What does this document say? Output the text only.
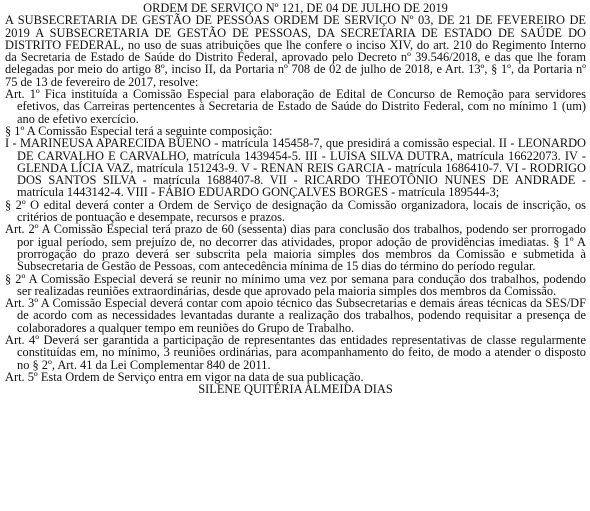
ORDEM DE SERVIÇO Nº 121, DE 04 DE JULHO DE 2019

A SUBSECRETARIA DE GESTÃO DE PESSOAS ORDEM DE SERVIÇO Nº 03, DE 21 DE FEVEREIRO DE 2019 A SUBSECRETARIA DE GESTÃO DE PESSOAS, DA SECRETARIA DE ESTADO DE SAÚDE DO DISTRITO FEDERAL, no uso de suas atribuições que lhe confere o inciso XIV, do art. 210 do Regimento Interno da Secretaria de Estado de Saúde do Distrito Federal, aprovado pelo Decreto nº 39.546/2018, e das que lhe foram delegadas por meio do artigo 8º, inciso II, da Portaria nº 708 de 02 de julho de 2018, e Art. 13º, § 1º, da Portaria nº 75 de 13 de fevereiro de 2017, resolve:

Art. 1º Fica instituída a Comissão Especial para elaboração de Edital de Concurso de Remoção para servidores efetivos, das Carreiras pertencentes à Secretaria de Estado de Saúde do Distrito Federal, com no mínimo 1 (um) ano de efetivo exercício.

§ 1º A Comissão Especial terá a seguinte composição:

I - MARINEUSA APARECIDA BUENO - matrícula 145458-7, que presidirá a comissão especial. II - LEONARDO DE CARVALHO E CARVALHO, matrícula 1439454-5. III - LUISA SILVA DUTRA, matrícula 16622073. IV - GLENDA LÍCIA VAZ, matrícula 151243-9. V - RENAN REIS GARCIA - matrícula 1686410-7. VI - RODRIGO DOS SANTOS SILVA - matrícula 1688407-8. VII - RICARDO THEOTÔNIO NUNES DE ANDRADE - matrícula 1443142-4. VIII - FÁBIO EDUARDO GONÇALVES BORGES - matrícula 189544-3;

§ 2º O edital deverá conter a Ordem de Serviço de designação da Comissão organizadora, locais de inscrição, os critérios de pontuação e desempate, recursos e prazos.

Art. 2º A Comissão Especial terá prazo de 60 (sessenta) dias para conclusão dos trabalhos, podendo ser prorrogado por igual período, sem prejuízo de, no decorrer das atividades, propor adoção de providências imediatas. § 1º A prorrogação do prazo deverá ser subscrita pela maioria simples dos membros da Comissão e submetida à Subsecretaria de Gestão de Pessoas, com antecedência mínima de 15 dias do término do período regular.

§ 2º A Comissão Especial deverá se reunir no mínimo uma vez por semana para condução dos trabalhos, podendo ser realizadas reuniões extraordinárias, desde que aprovado pela maioria simples dos membros da Comissão.

Art. 3º A Comissão Especial deverá contar com apoio técnico das Subsecretarias e demais áreas técnicas da SES/DF de acordo com as necessidades levantadas durante a realização dos trabalhos, podendo requisitar a presença de colaboradores a qualquer tempo em reuniões do Grupo de Trabalho.

Art. 4º Deverá ser garantida a participação de representantes das entidades representativas de classe regularmente constituídas em, no mínimo, 3 reuniões ordinárias, para acompanhamento do feito, de modo a atender o disposto no § 2º, Art. 41 da Lei Complementar 840 de 2011.

Art. 5º Esta Ordem de Serviço entra em vigor na data de sua publicação.

SILENE QUITÉRIA ALMEIDA DIAS
